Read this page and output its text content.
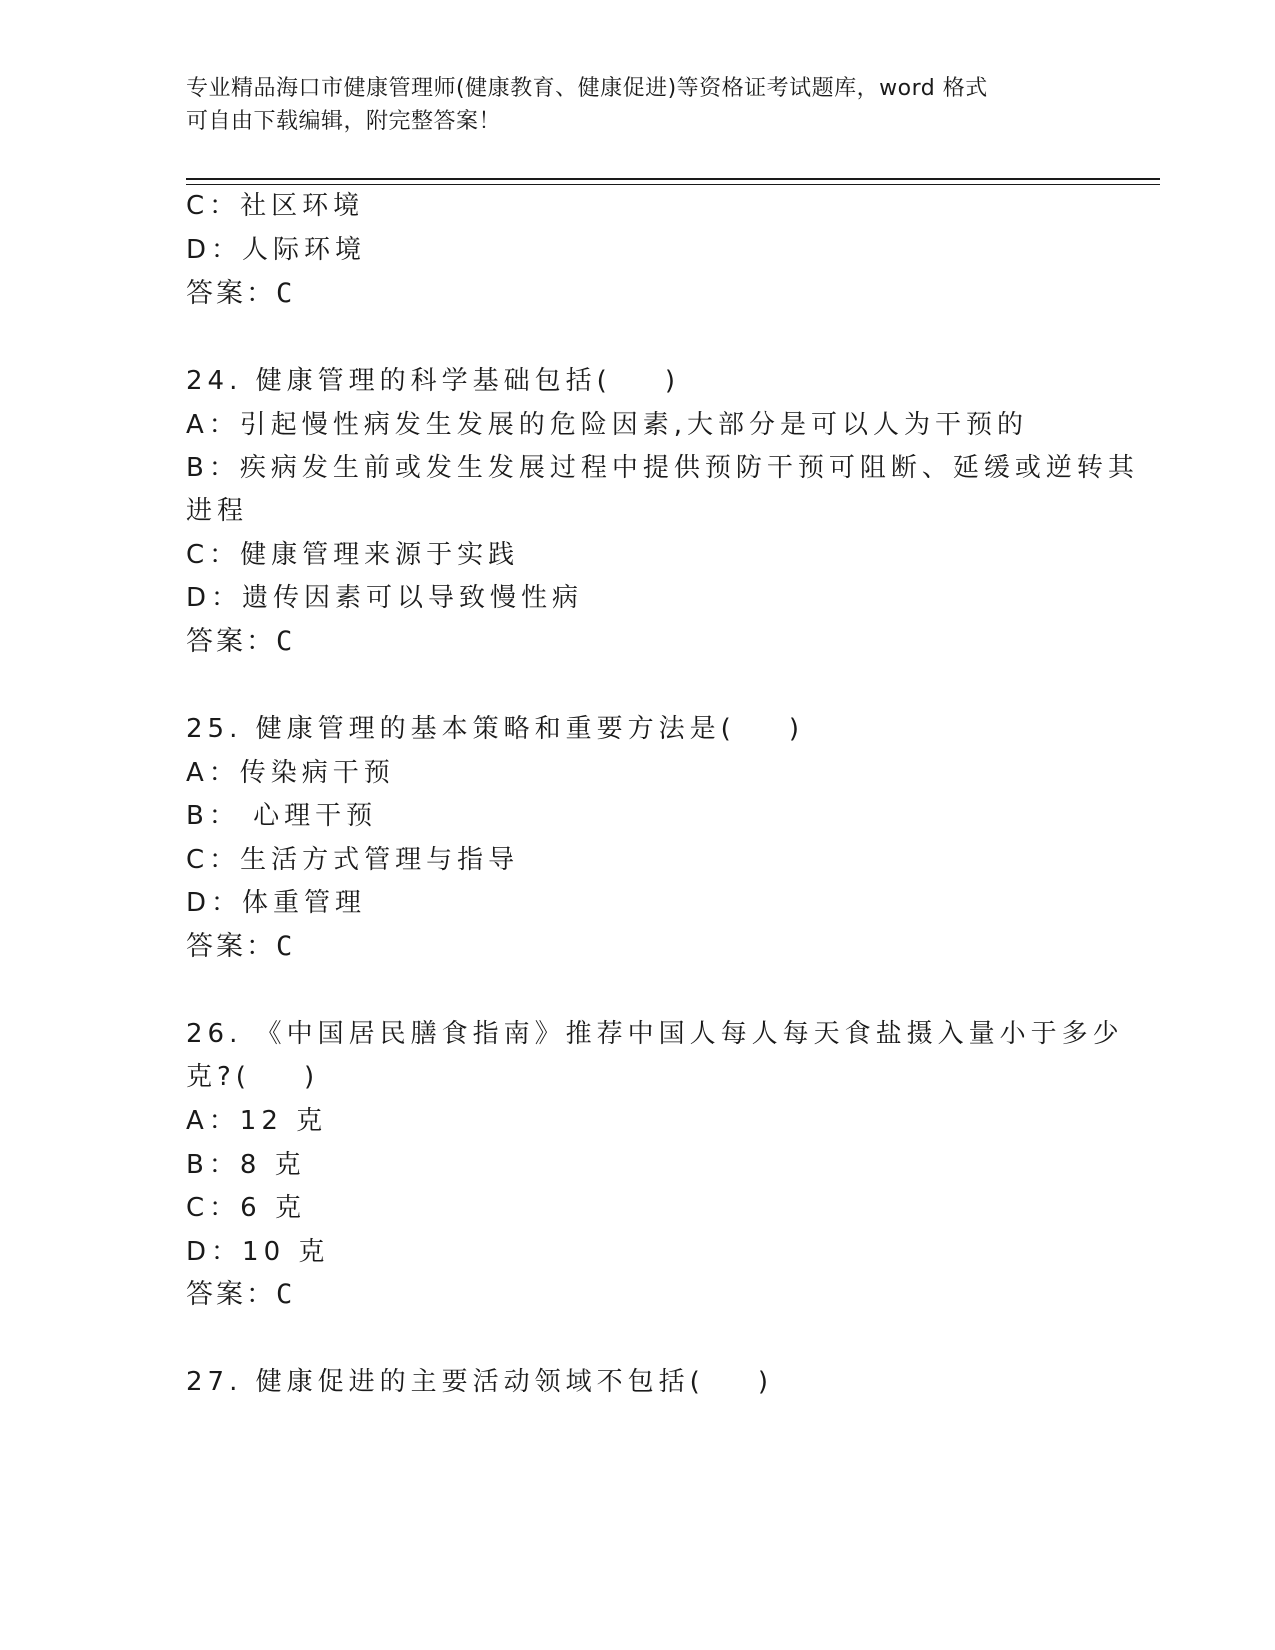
专业精品海口市健康管理师(健康教育、健康促进)等资格证考试题库，word 格式
可自由下载编辑，附完整答案！
C：社区环境
D：人际环境
答案：C
24. 健康管理的科学基础包括(    )
A：引起慢性病发生发展的危险因素,大部分是可以人为干预的
B：疾病发生前或发生发展过程中提供预防干预可阻断、延缓或逆转其
进程
C：健康管理来源于实践
D：遗传因素可以导致慢性病
答案：C
25. 健康管理的基本策略和重要方法是(    )
A：传染病干预
B： 心理干预
C：生活方式管理与指导
D：体重管理
答案：C
26. 《中国居民膳食指南》推荐中国人每人每天食盐摄入量小于多少
克?(    )
A：12 克
B：8 克
C：6 克
D：10 克
答案：C
27. 健康促进的主要活动领域不包括(    )
